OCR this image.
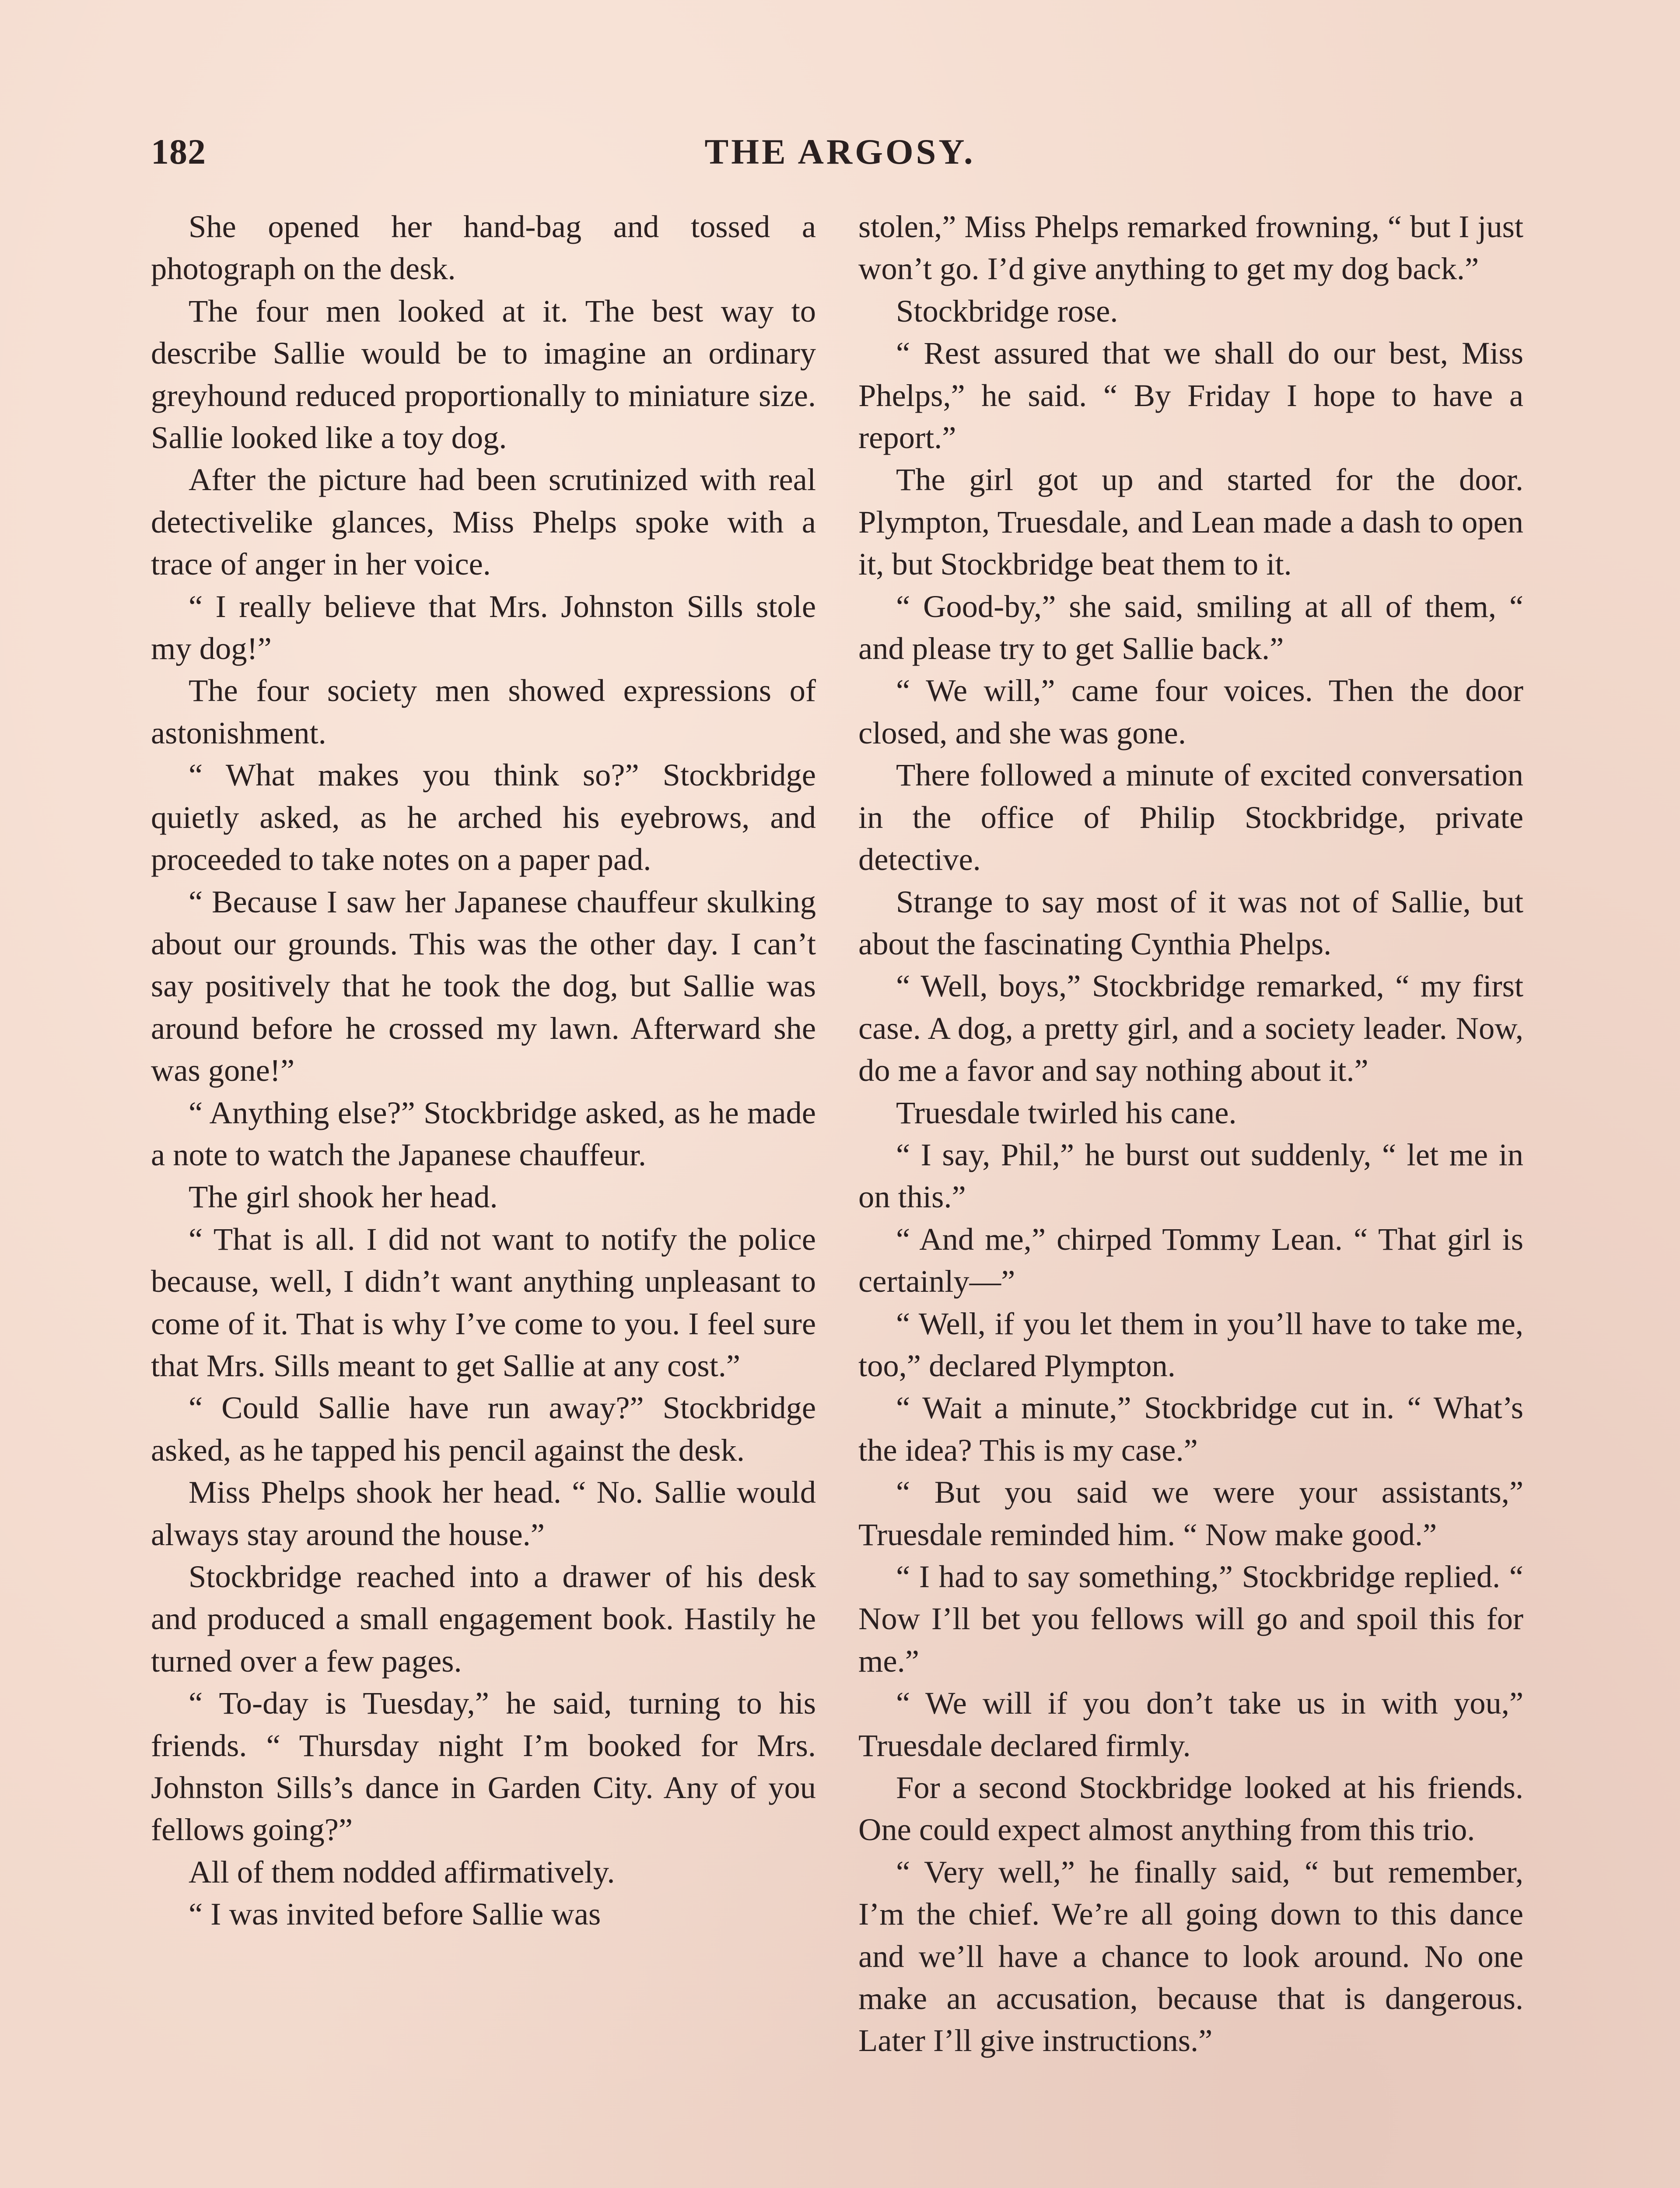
182	THE ARGOSY.

She opened her hand-bag and tossed a photograph on the desk.

The four men looked at it. The best way to describe Sallie would be to imagine an ordinary greyhound reduced proportionally to miniature size. Sallie looked like a toy dog.

After the picture had been scrutinized with real detectivelike glances, Miss Phelps spoke with a trace of anger in her voice.

“ I really believe that Mrs. Johnston Sills stole my dog!”

The four society men showed expressions of astonishment.

“ What makes you think so?” Stockbridge quietly asked, as he arched his eyebrows, and proceeded to take notes on a paper pad.

“ Because I saw her Japanese chauffeur skulking about our grounds. This was the other day. I can’t say positively that he took the dog, but Sallie was around before he crossed my lawn. Afterward she was gone!”

“ Anything else?” Stockbridge asked, as he made a note to watch the Japanese chauffeur.

The girl shook her head.

“ That is all. I did not want to notify the police because, well, I didn’t want anything unpleasant to come of it. That is why I’ve come to you. I feel sure that Mrs. Sills meant to get Sallie at any cost.”

“ Could Sallie have run away?” Stockbridge asked, as he tapped his pencil against the desk.

Miss Phelps shook her head. “ No. Sallie would always stay around the house.”

Stockbridge reached into a drawer of his desk and produced a small engagement book. Hastily he turned over a few pages.

“ To-day is Tuesday,” he said, turning to his friends. “ Thursday night I’m booked for Mrs. Johnston Sills’s dance in Garden City. Any of you fellows going?”

All of them nodded affirmatively.

“ I was invited before Sallie was

stolen,” Miss Phelps remarked frowning, “ but I just won’t go. I’d give anything to get my dog back.”

Stockbridge rose.

“ Rest assured that we shall do our best, Miss Phelps,” he said. “ By Friday I hope to have a report.”

The girl got up and started for the door. Plympton, Truesdale, and Lean made a dash to open it, but Stockbridge beat them to it.

“ Good-by,” she said, smiling at all of them, “ and please try to get Sallie back.”

“ We will,” came four voices. Then the door closed, and she was gone.

There followed a minute of excited conversation in the office of Philip Stockbridge, private detective.

Strange to say most of it was not of Sallie, but about the fascinating Cynthia Phelps.

“ Well, boys,” Stockbridge remarked, “ my first case. A dog, a pretty girl, and a society leader. Now, do me a favor and say nothing about it.”

Truesdale twirled his cane.

“ I say, Phil,” he burst out suddenly, “ let me in on this.”

“ And me,” chirped Tommy Lean. “ That girl is certainly—”

“ Well, if you let them in you’ll have to take me, too,” declared Plympton.

“ Wait a minute,” Stockbridge cut in. “ What’s the idea? This is my case.”

“ But you said we were your assistants,” Truesdale reminded him. “ Now make good.”

“ I had to say something,” Stockbridge replied. “ Now I’ll bet you fellows will go and spoil this for me.”

“ We will if you don’t take us in with you,” Truesdale declared firmly.

For a second Stockbridge looked at his friends. One could expect almost anything from this trio.

“ Very well,” he finally said, “ but remember, I’m the chief. We’re all going down to this dance and we’ll have a chance to look around. No one make an accusation, because that is dangerous. Later I’ll give instructions.”
